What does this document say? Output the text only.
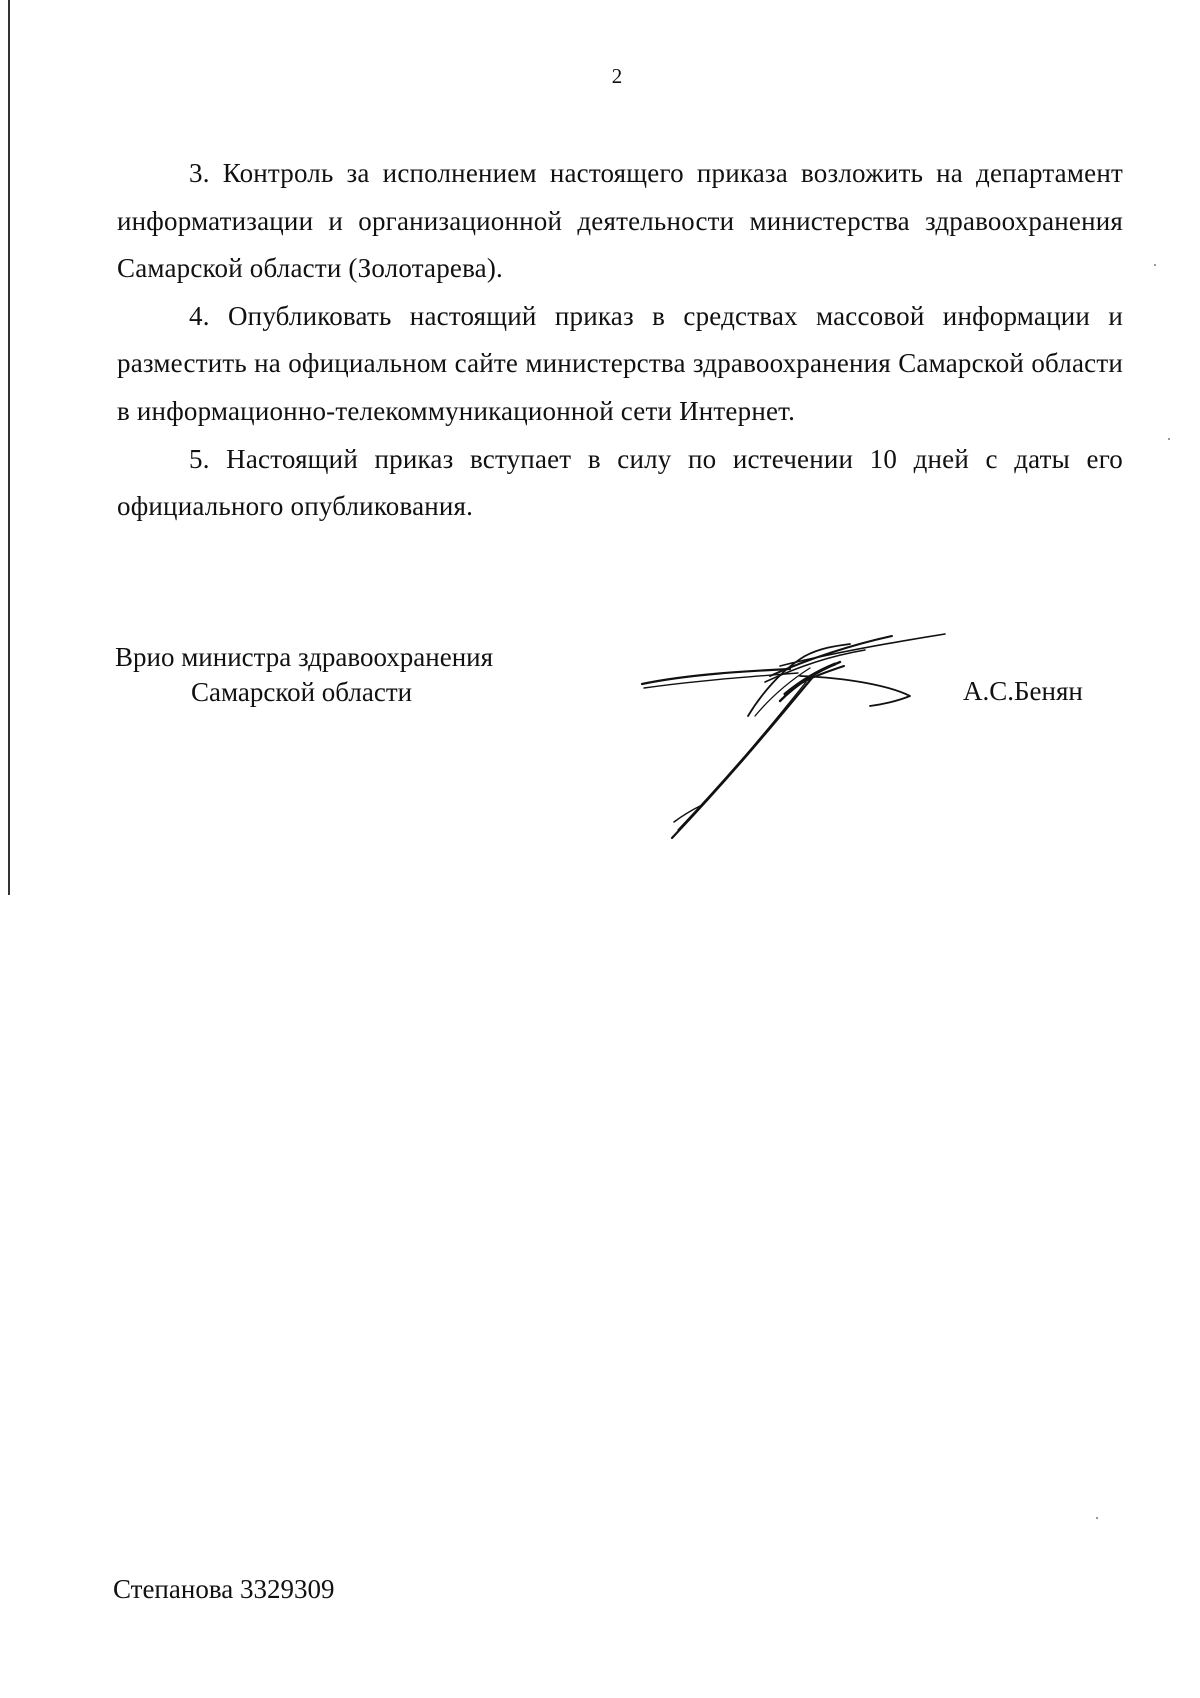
2

3. Контроль за исполнением настоящего приказа возложить на департамент информатизации и организационной деятельности министерства здравоохранения Самарской области (Золотарева).

4. Опубликовать настоящий приказ в средствах массовой информации и разместить на официальном сайте министерства здравоохранения Самарской области в информационно-телекоммуникационной сети Интернет.

5. Настоящий приказ вступает в силу по истечении 10 дней с даты его официального опубликования.

Врио министра здравоохранения
Самарской области	А.С.Бенян
Степанова 3329309
